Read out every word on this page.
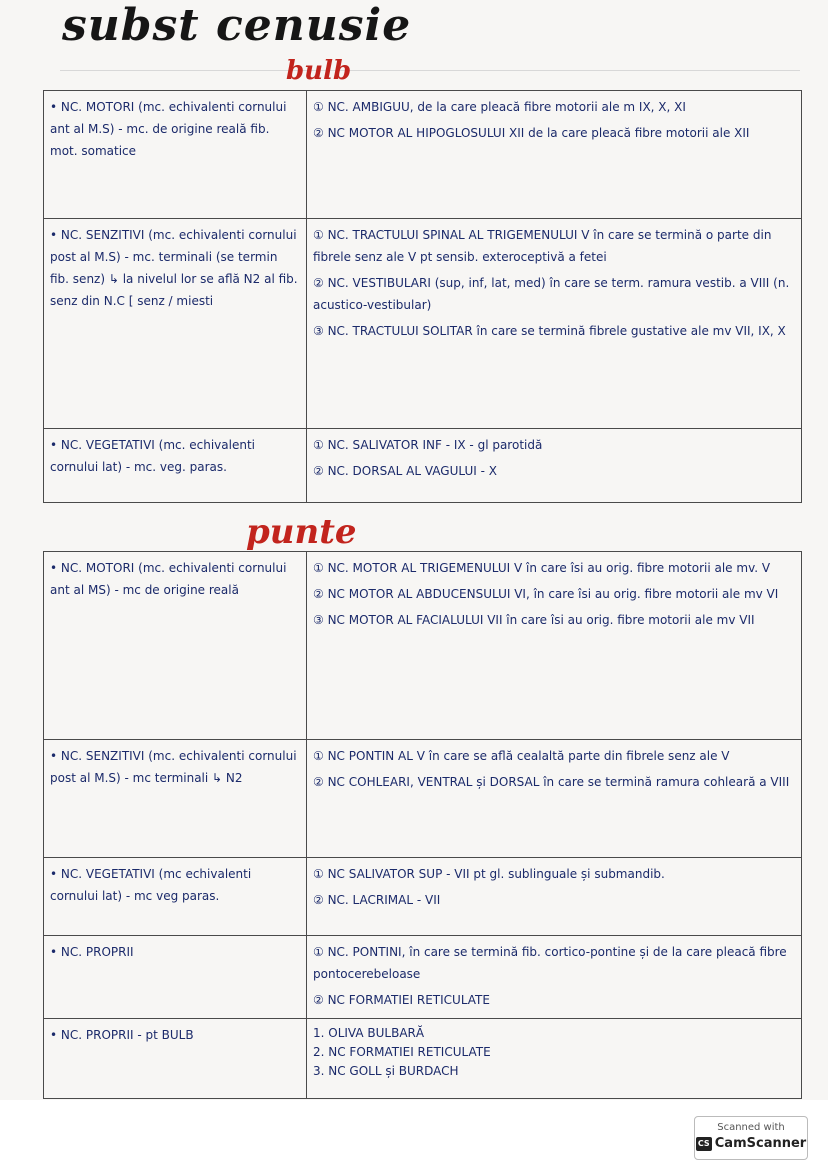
subst cenusie
bulb
• NC. MOTORI (mc. echivalenti cornului ant al M.S) - mc. de origine reală fib. mot. somatice	① NC. AMBIGUU, de la care pleacă fibre motorii ale m IX, X, XI
② NC MOTOR AL HIPOGLOSULUI XII de la care pleacă fibre motorii ale XII

• NC. SENZITIVI (mc. echivalenti cornului post al M.S) - mc. terminali (se termin fib. senz) ↳ la nivelul lor se află N2 al fib. senz din N.C [ senz / miesti	① NC. TRACTULUI SPINAL AL TRIGEMENULUI V în care se termină o parte din fibrele senz ale V pt sensib. exteroceptivă a fetei
② NC. VESTIBULARI (sup, inf, lat, med) în care se term. ramura vestib. a VIII (n. acustico-vestibular)
③ NC. TRACTULUI SOLITAR în care se termină fibrele gustative ale mv VII, IX, X

• NC. VEGETATIVI (mc. echivalenti cornului lat) - mc. veg. paras.	① NC. SALIVATOR INF - IX - gl parotidă
② NC. DORSAL AL VAGULUI - X
punte
• NC. MOTORI (mc. echivalenti cornului ant al MS) - mc de origine reală	① NC. MOTOR AL TRIGEMENULUI V în care îsi au orig. fibre motorii ale mv. V
② NC MOTOR AL ABDUCENSULUI VI, în care îsi au orig. fibre motorii ale mv VI
③ NC MOTOR AL FACIALULUI VII în care îsi au orig. fibre motorii ale mv VII

• NC. SENZITIVI (mc. echivalenti cornului post al M.S) - mc terminali ↳ N2	① NC PONTIN AL V în care se află cealaltă parte din fibrele senz ale V
② NC COHLEARI, VENTRAL și DORSAL în care se termină ramura cohleară a VIII

• NC. VEGETATIVI (mc echivalenti cornului lat) - mc veg paras.	① NC SALIVATOR SUP - VII pt gl. sublinguale și submandib.
② NC. LACRIMAL - VII

• NC. PROPRII	① NC. PONTINI, în care se termină fib. cortico-pontine și de la care pleacă fibre pontocerebeloase
② NC FORMATIEI RETICULATE

• NC. PROPRII - pt BULB	1. OLIVA BULBARĂ
2. NC FORMATIEI RETICULATE
3. NC GOLL și BURDACH
Scanned with
CS CamScanner
